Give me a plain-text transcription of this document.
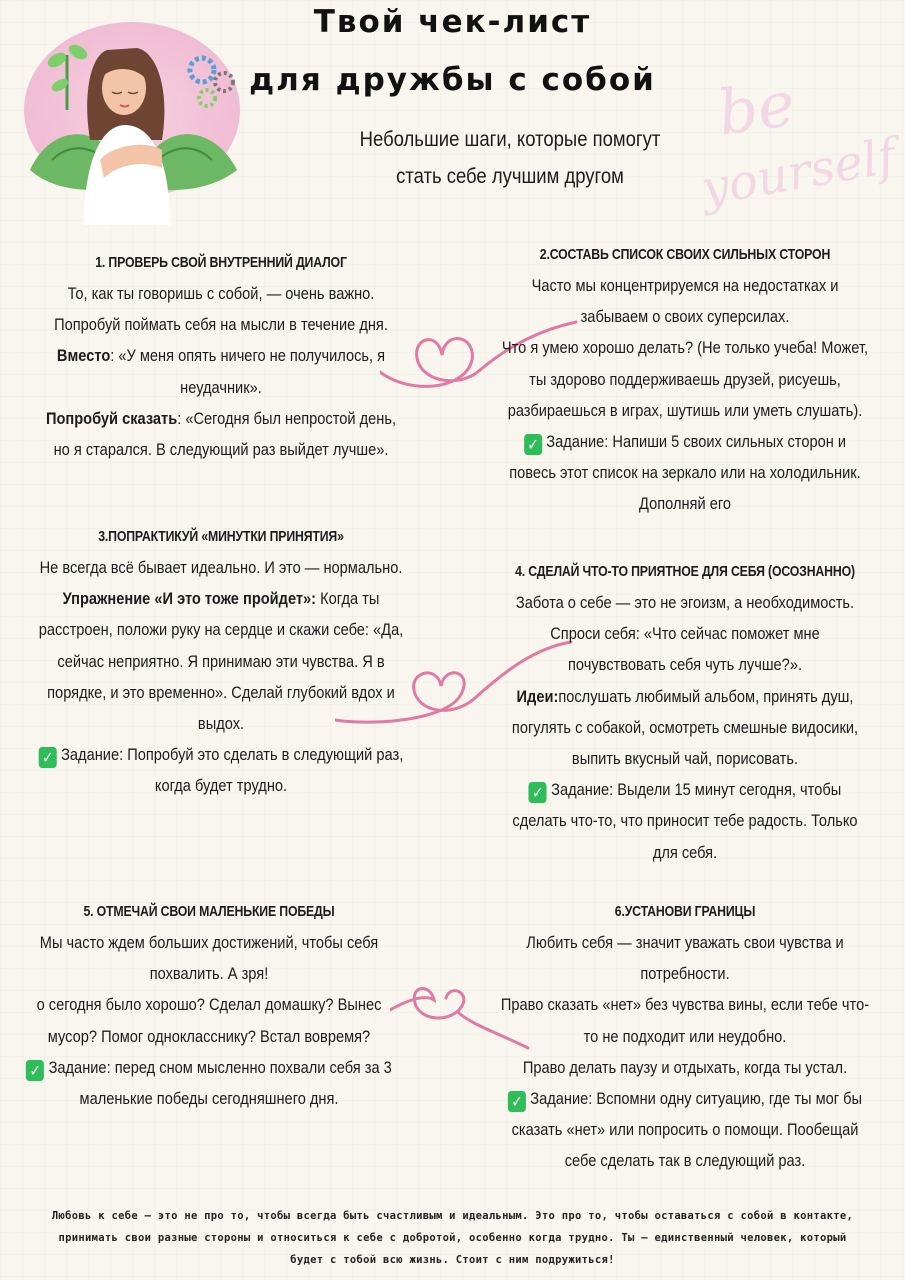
be
yourself
Твой чек-лист
для дружбы с собой
Небольшие шаги, которые помогут
стать себе лучшим другом
1. ПРОВЕРЬ СВОЙ ВНУТРЕННИЙ ДИАЛОГ

То, как ты говоришь с собой, — очень важно. Попробуй поймать себя на мысли в течение дня.

Вместо: «У меня опять ничего не получилось, я неудачник».

Попробуй сказать: «Сегодня был непростой день, но я старался. В следующий раз выйдет лучше».

2.СОСТАВЬ СПИСОК СВОИХ СИЛЬНЫХ СТОРОН

Часто мы концентрируемся на недостатках и забываем о своих суперсилах.

Что я умею хорошо делать? (Не только учеба! Может, ты здорово поддерживаешь друзей, рисуешь, разбираешься в играх, шутишь или уметь слушать).

✓ Задание: Напиши 5 своих сильных сторон и повесь этот список на зеркало или на холодильник. Дополняй его

3.ПОПРАКТИКУЙ «МИНУТКИ ПРИНЯТИЯ»

Не всегда всё бывает идеально. И это — нормально.

Упражнение «И это тоже пройдет»: Когда ты расстроен, положи руку на сердце и скажи себе: «Да, сейчас неприятно. Я принимаю эти чувства. Я в порядке, и это временно». Сделай глубокий вдох и выдох.

✓ Задание: Попробуй это сделать в следующий раз, когда будет трудно.

4. СДЕЛАЙ ЧТО-ТО ПРИЯТНОЕ ДЛЯ СЕБЯ (ОСОЗНАННО)

Забота о себе — это не эгоизм, а необходимость.

Спроси себя: «Что сейчас поможет мне почувствовать себя чуть лучше?».

Идеи:послушать любимый альбом, принять душ, погулять с собакой, осмотреть смешные видосики, выпить вкусный чай, порисовать.

✓ Задание: Выдели 15 минут сегодня, чтобы сделать что-то, что приносит тебе радость. Только для себя.

5. ОТМЕЧАЙ СВОИ МАЛЕНЬКИЕ ПОБЕДЫ

Мы часто ждем больших достижений, чтобы себя похвалить. А зря!

о сегодня было хорошо? Сделал домашку? Вынес мусор? Помог однокласснику? Встал вовремя?

✓ Задание: перед сном мысленно похвали себя за 3 маленькие победы сегодняшнего дня.

6.УСТАНОВИ ГРАНИЦЫ

Любить себя — значит уважать свои чувства и потребности.

Право сказать «нет» без чувства вины, если тебе что-то не подходит или неудобно.

Право делать паузу и отдыхать, когда ты устал.

✓ Задание: Вспомни одну ситуацию, где ты мог бы сказать «нет» или попросить о помощи. Пообещай себе сделать так в следующий раз.

Любовь к себе — это не про то, чтобы всегда быть счастливым и идеальным. Это про то, чтобы оставаться с собой в контакте, принимать свои разные стороны и относиться к себе с добротой, особенно когда трудно. Ты — единственный человек, который будет с тобой всю жизнь. Стоит с ним подружиться!
